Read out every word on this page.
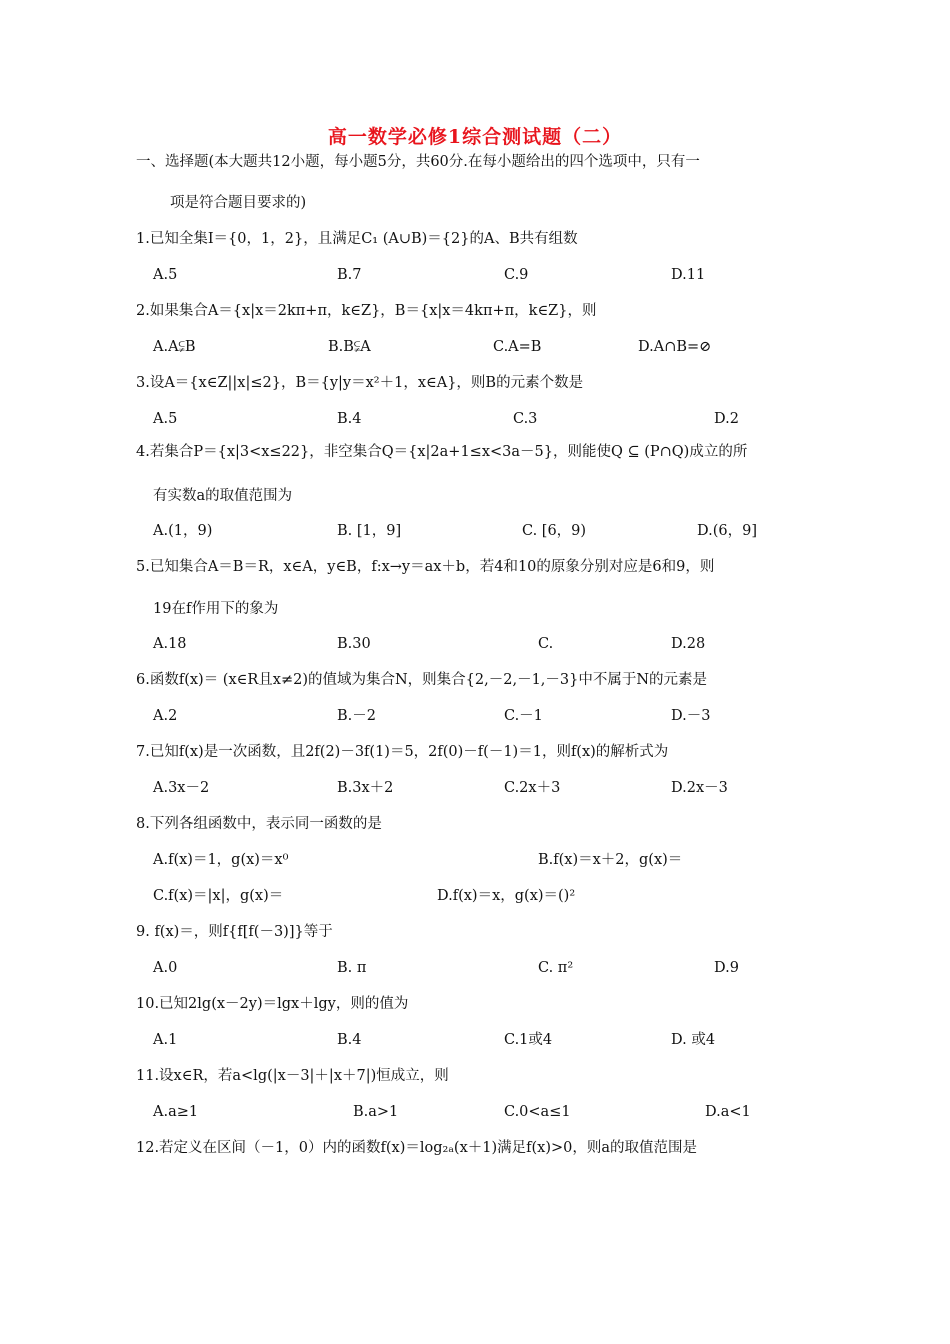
高一数学必修1综合测试题（二）
一、选择题(本大题共12小题，每小题5分，共60分.在每小题给出的四个选项中，只有一
项是符合题目要求的)
1.已知全集I＝{0，1，2}，且满足C₁ (A∪B)＝{2}的A、B共有组数
A.5	B.7	C.9	D.11
2.如果集合A＝{x|x＝2kπ+π，k∈Z}，B＝{x|x＝4kπ+π，k∈Z}，则
A.A⫋B	B.B⫋A	C.A=B	D.A∩B=⊘
3.设A＝{x∈Z||x|≤2}，B＝{y|y＝x²＋1，x∈A}，则B的元素个数是
A.5	B.4	C.3	D.2
4.若集合P＝{x|3<x≤22}，非空集合Q＝{x|2a+1≤x<3a－5}，则能使Q ⊆ (P∩Q)成立的所
有实数a的取值范围为
A.(1，9)	B. [1，9]	C. [6，9)	D.(6，9]
5.已知集合A＝B＝R，x∈A，y∈B，f:x→y＝ax＋b，若4和10的原象分别对应是6和9，则
19在f作用下的象为
A.18	B.30	C.	D.28
6.函数f(x)＝ (x∈R且x≠2)的值域为集合N，则集合{2,－2,－1,－3}中不属于N的元素是
A.2	B.－2	C.－1	D.－3
7.已知f(x)是一次函数，且2f(2)－3f(1)＝5，2f(0)－f(－1)＝1，则f(x)的解析式为
A.3x－2	B.3x＋2	C.2x＋3	D.2x－3
8.下列各组函数中，表示同一函数的是
A.f(x)＝1，g(x)＝x⁰	B.f(x)＝x＋2，g(x)＝
C.f(x)＝|x|，g(x)＝	D.f(x)＝x，g(x)＝()²
9. f(x)＝，则f{f[f(－3)]}等于
A.0	B. π	C. π²	D.9
10.已知2lg(x－2y)＝lgx＋lgy，则的值为
A.1	B.4	C.1或4	D. 或4
11.设x∈R，若a<lg(|x－3|＋|x＋7|)恒成立，则
A.a≥1	B.a>1	C.0<a≤1	D.a<1
12.若定义在区间（－1，0）内的函数f(x)＝log₂ₐ(x＋1)满足f(x)>0，则a的取值范围是
